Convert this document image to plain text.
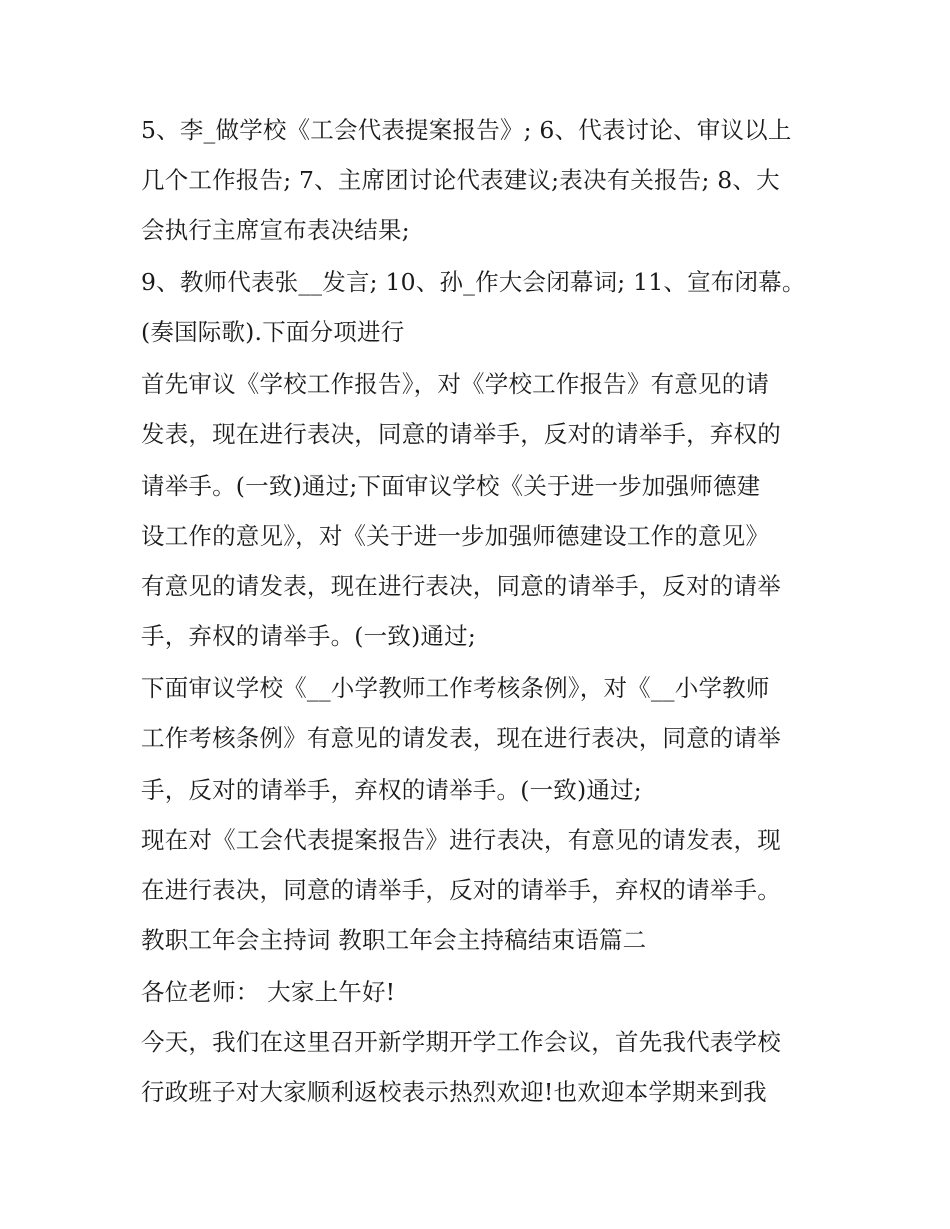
5、李_做学校《工会代表提案报告》; 6、代表讨论、审议以上
几个工作报告; 7、主席团讨论代表建议;表决有关报告; 8、大
会执行主席宣布表决结果;
9、教师代表张__发言; 10、孙_作大会闭幕词; 11、宣布闭幕。
(奏国际歌).下面分项进行
首先审议《学校工作报告》，对《学校工作报告》有意见的请
发表，现在进行表决，同意的请举手，反对的请举手，弃权的
请举手。(一致)通过;下面审议学校《关于进一步加强师德建
设工作的意见》，对《关于进一步加强师德建设工作的意见》
有意见的请发表，现在进行表决，同意的请举手，反对的请举
手，弃权的请举手。(一致)通过;
下面审议学校《__小学教师工作考核条例》，对《__小学教师
工作考核条例》有意见的请发表，现在进行表决，同意的请举
手，反对的请举手，弃权的请举手。(一致)通过;
现在对《工会代表提案报告》进行表决，有意见的请发表，现
在进行表决，同意的请举手，反对的请举手，弃权的请举手。
教职工年会主持词 教职工年会主持稿结束语篇二
各位老师： 大家上午好!
今天，我们在这里召开新学期开学工作会议，首先我代表学校
行政班子对大家顺利返校表示热烈欢迎!也欢迎本学期来到我
